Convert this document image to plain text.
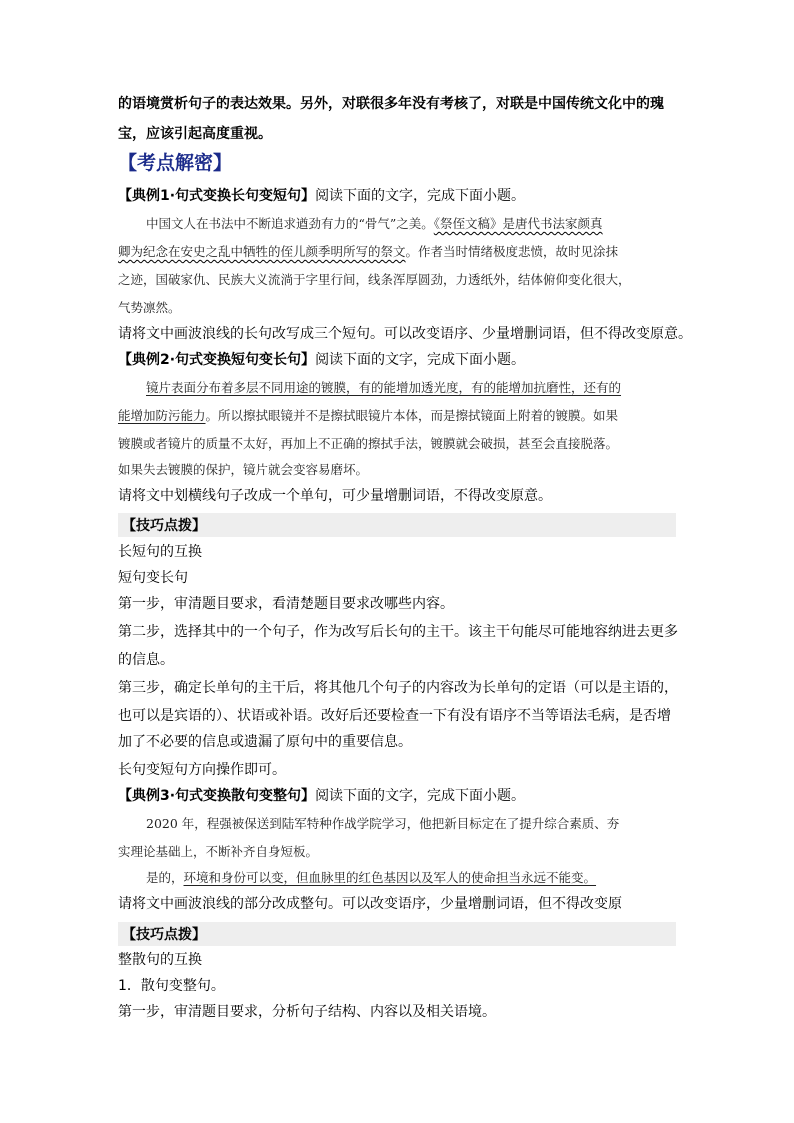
的语境赏析句子的表达效果。另外，对联很多年没有考核了，对联是中国传统文化中的瑰
宝，应该引起高度重视。
【考点解密】
【典例1·句式变换长句变短句】阅读下面的文字，完成下面小题。
中国文人在书法中不断追求遒劲有力的“骨气”之美。《祭侄文稿》是唐代书法家颜真
卿为纪念在安史之乱中牺牲的侄儿颜季明所写的祭文。作者当时情绪极度悲愤，故时见涂抹
之迹，国破家仇、民族大义流淌于字里行间，线条浑厚圆劲，力透纸外，结体俯仰变化很大，
气势凛然。
请将文中画波浪线的长句改写成三个短句。可以改变语序、少量增删词语，但不得改变原意。
【典例2·句式变换短句变长句】阅读下面的文字，完成下面小题。
镜片表面分布着多层不同用途的镀膜，有的能增加透光度，有的能增加抗磨性，还有的
能增加防污能力。所以擦拭眼镜并不是擦拭眼镜片本体，而是擦拭镜面上附着的镀膜。如果
镀膜或者镜片的质量不太好，再加上不正确的擦拭手法，镀膜就会破损，甚至会直接脱落。
如果失去镀膜的保护，镜片就会变容易磨坏。
请将文中划横线句子改成一个单句，可少量增删词语，不得改变原意。
【技巧点拨】
长短句的互换
短句变长句
第一步，审清题目要求，看清楚题目要求改哪些内容。
第二步，选择其中的一个句子，作为改写后长句的主干。该主干句能尽可能地容纳进去更多
的信息。
第三步，确定长单句的主干后，将其他几个句子的内容改为长单句的定语（可以是主语的，
也可以是宾语的）、状语或补语。改好后还要检查一下有没有语序不当等语法毛病，是否增
加了不必要的信息或遗漏了原句中的重要信息。
长句变短句方向操作即可。
【典例3·句式变换散句变整句】阅读下面的文字，完成下面小题。
2020 年，程强被保送到陆军特种作战学院学习，他把新目标定在了提升综合素质、夯
实理论基础上，不断补齐自身短板。
是的，环境和身份可以变，但血脉里的红色基因以及军人的使命担当永远不能变。
请将文中画波浪线的部分改成整句。可以改变语序，少量增删词语，但不得改变原
【技巧点拨】
整散句的互换
1．散句变整句。
第一步，审清题目要求，分析句子结构、内容以及相关语境。
